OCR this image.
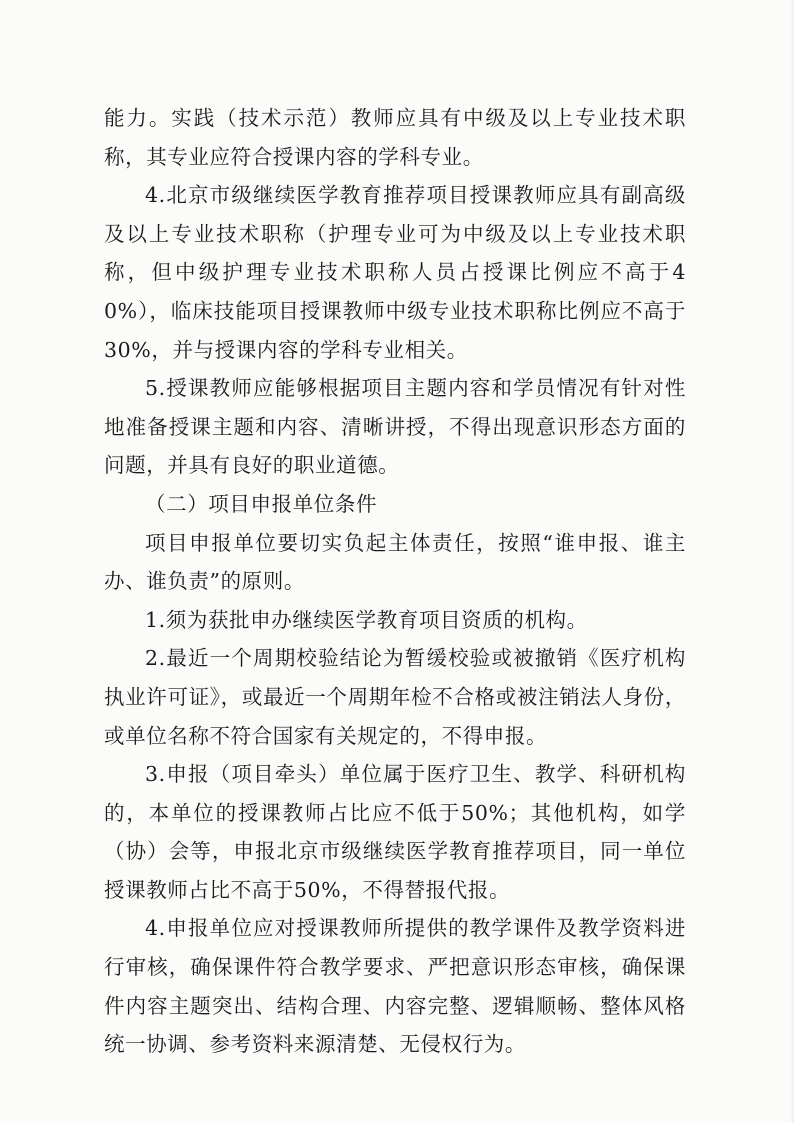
能力。实践（技术示范）教师应具有中级及以上专业技术职称，其专业应符合授课内容的学科专业。

4.北京市级继续医学教育推荐项目授课教师应具有副高级及以上专业技术职称（护理专业可为中级及以上专业技术职称，但中级护理专业技术职称人员占授课比例应不高于40%），临床技能项目授课教师中级专业技术职称比例应不高于30%，并与授课内容的学科专业相关。

5.授课教师应能够根据项目主题内容和学员情况有针对性地准备授课主题和内容、清晰讲授，不得出现意识形态方面的问题，并具有良好的职业道德。

（二）项目申报单位条件

项目申报单位要切实负起主体责任，按照“谁申报、谁主办、谁负责”的原则。

1.须为获批申办继续医学教育项目资质的机构。

2.最近一个周期校验结论为暂缓校验或被撤销《医疗机构执业许可证》，或最近一个周期年检不合格或被注销法人身份，或单位名称不符合国家有关规定的，不得申报。

3.申报（项目牵头）单位属于医疗卫生、教学、科研机构的，本单位的授课教师占比应不低于50%；其他机构，如学（协）会等，申报北京市级继续医学教育推荐项目，同一单位授课教师占比不高于50%，不得替报代报。

4.申报单位应对授课教师所提供的教学课件及教学资料进行审核，确保课件符合教学要求、严把意识形态审核，确保课件内容主题突出、结构合理、内容完整、逻辑顺畅、整体风格统一协调、参考资料来源清楚、无侵权行为。
